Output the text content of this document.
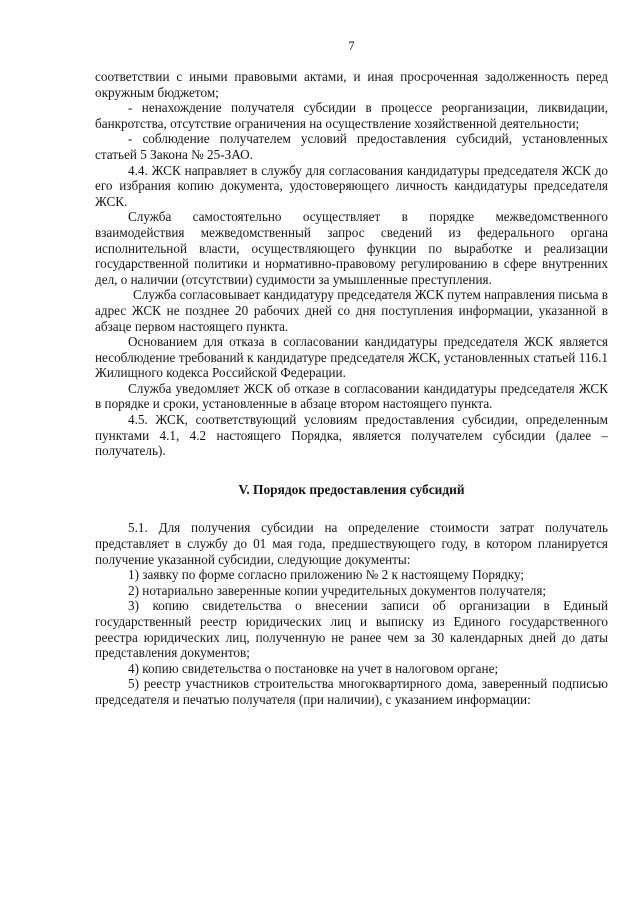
7

соответствии с иными правовыми актами, и иная просроченная задолженность перед окружным бюджетом;

- ненахождение получателя субсидии в процессе реорганизации, ликвидации, банкротства, отсутствие ограничения на осуществление хозяйственной деятельности;

- соблюдение получателем условий предоставления субсидий, установленных статьей 5 Закона № 25-ЗАО.

4.4. ЖСК направляет в службу для согласования кандидатуры председателя ЖСК до его избрания копию документа, удостоверяющего личность кандидатуры председателя ЖСК.

Служба самостоятельно осуществляет в порядке межведомственного взаимодействия межведомственный запрос сведений из федерального органа исполнительной власти, осуществляющего функции по выработке и реализации государственной политики и нормативно-правовому регулированию в сфере внутренних дел, о наличии (отсутствии) судимости за умышленные преступления.

Служба согласовывает кандидатуру председателя ЖСК путем направления письма в адрес ЖСК не позднее 20 рабочих дней со дня поступления информации, указанной в абзаце первом настоящего пункта.

Основанием для отказа в согласовании кандидатуры председателя ЖСК является несоблюдение требований к кандидатуре председателя ЖСК, установленных статьей 116.1 Жилищного кодекса Российской Федерации.

Служба уведомляет ЖСК об отказе в согласовании кандидатуры председателя ЖСК в порядке и сроки, установленные в абзаце втором настоящего пункта.

4.5. ЖСК, соответствующий условиям предоставления субсидии, определенным пунктами 4.1, 4.2 настоящего Порядка, является получателем субсидии (далее – получатель).

V. Порядок предоставления субсидий

5.1. Для получения субсидии на определение стоимости затрат получатель представляет в службу до 01 мая года, предшествующего году, в котором планируется получение указанной субсидии, следующие документы:

1) заявку по форме согласно приложению № 2 к настоящему Порядку;

2) нотариально заверенные копии учредительных документов получателя;

3) копию свидетельства о внесении записи об организации в Единый государственный реестр юридических лиц и выписку из Единого государственного реестра юридических лиц, полученную не ранее чем за 30 календарных дней до даты представления документов;

4) копию свидетельства о постановке на учет в налоговом органе;

5) реестр участников строительства многоквартирного дома, заверенный подписью председателя и печатью получателя (при наличии), с указанием информации:
